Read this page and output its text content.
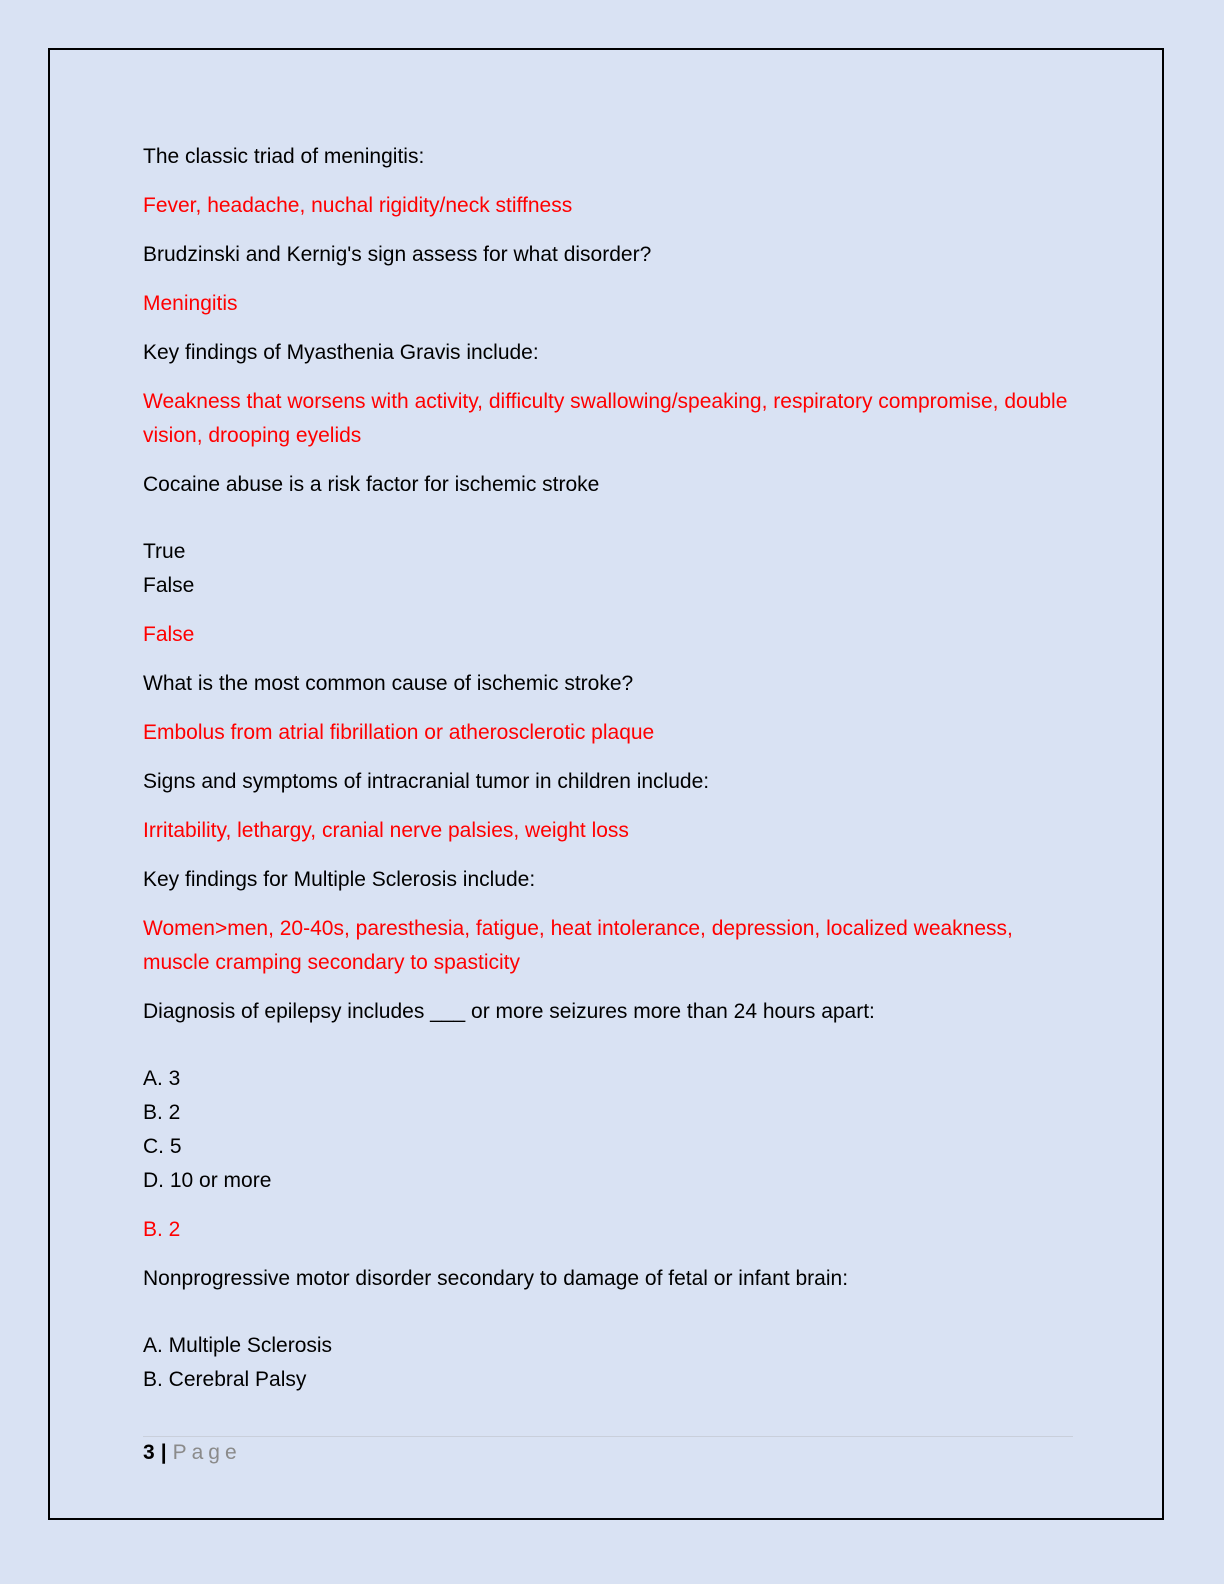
The classic triad of meningitis:

Fever, headache, nuchal rigidity/neck stiffness

Brudzinski and Kernig's sign assess for what disorder?

Meningitis

Key findings of Myasthenia Gravis include:

Weakness that worsens with activity, difficulty swallowing/speaking, respiratory compromise, double vision, drooping eyelids

Cocaine abuse is a risk factor for ischemic stroke

True
False

False

What is the most common cause of ischemic stroke?

Embolus from atrial fibrillation or atherosclerotic plaque

Signs and symptoms of intracranial tumor in children include:

Irritability, lethargy, cranial nerve palsies, weight loss

Key findings for Multiple Sclerosis include:

Women>men, 20-40s, paresthesia, fatigue, heat intolerance, depression, localized weakness, muscle cramping secondary to spasticity

Diagnosis of epilepsy includes ___ or more seizures more than 24 hours apart:

A. 3
B. 2
C. 5
D. 10 or more

B. 2

Nonprogressive motor disorder secondary to damage of fetal or infant brain:

A. Multiple Sclerosis
B. Cerebral Palsy
3 | Page
